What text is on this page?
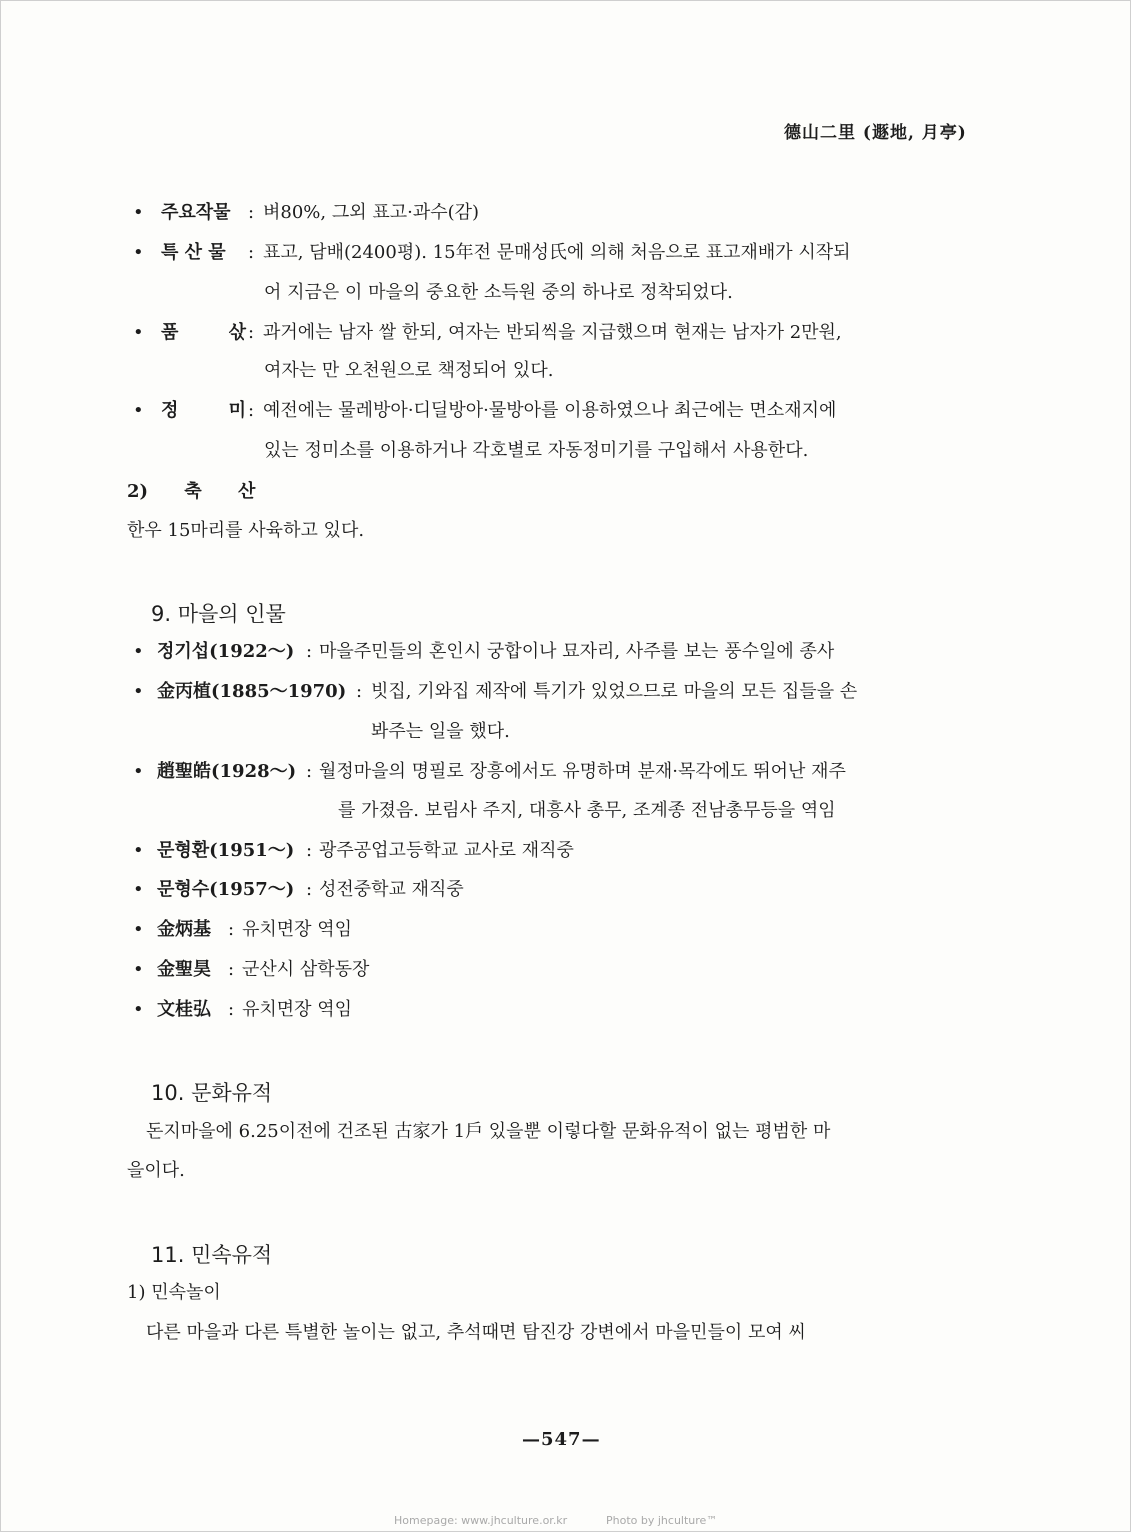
德山二里 (遯地, 月亭)
• 주요작물 : 벼80%, 그외 표고·과수(감)
• 특 산 물 : 표고, 담배(2400평). 15年전 문매성氏에 의해 처음으로 표고재배가 시작되
어 지금은 이 마을의 중요한 소득원 중의 하나로 정착되었다.
• 품 삯 : 과거에는 남자 쌀 한되, 여자는 반되씩을 지급했으며 현재는 남자가 2만원,
여자는 만 오천원으로 책정되어 있다.
• 정 미 : 예전에는 물레방아·디딜방아·물방아를 이용하였으나 최근에는 면소재지에
있는 정미소를 이용하거나 각호별로 자동정미기를 구입해서 사용한다.
2) 축 산
한우 15마리를 사육하고 있다.
9. 마을의 인물
• 정기섭(1922～) : 마을주민들의 혼인시 궁합이나 묘자리, 사주를 보는 풍수일에 종사
• 金丙植(1885～1970) : 빗집, 기와집 제작에 특기가 있었으므로 마을의 모든 집들을 손
봐주는 일을 했다.
• 趙聖皓(1928～) : 월정마을의 명필로 장흥에서도 유명하며 분재·목각에도 뛰어난 재주
를 가졌음. 보림사 주지, 대흥사 총무, 조계종 전남총무등을 역임
• 문형환(1951～) : 광주공업고등학교 교사로 재직중
• 문형수(1957～) : 성전중학교 재직중
• 金炳基 : 유치면장 역임
• 金聖昊 : 군산시 삼학동장
• 文桂弘 : 유치면장 역임
10. 문화유적
돈지마을에 6.25이전에 건조된 古家가 1戶 있을뿐 이렇다할 문화유적이 없는 평범한 마
을이다.
11. 민속유적
1) 민속놀이
다른 마을과 다른 특별한 놀이는 없고, 추석때면 탐진강 강변에서 마을민들이 모여 씨
—547—
Homepage: www.jhculture.or.kr	Photo by jhculture™
